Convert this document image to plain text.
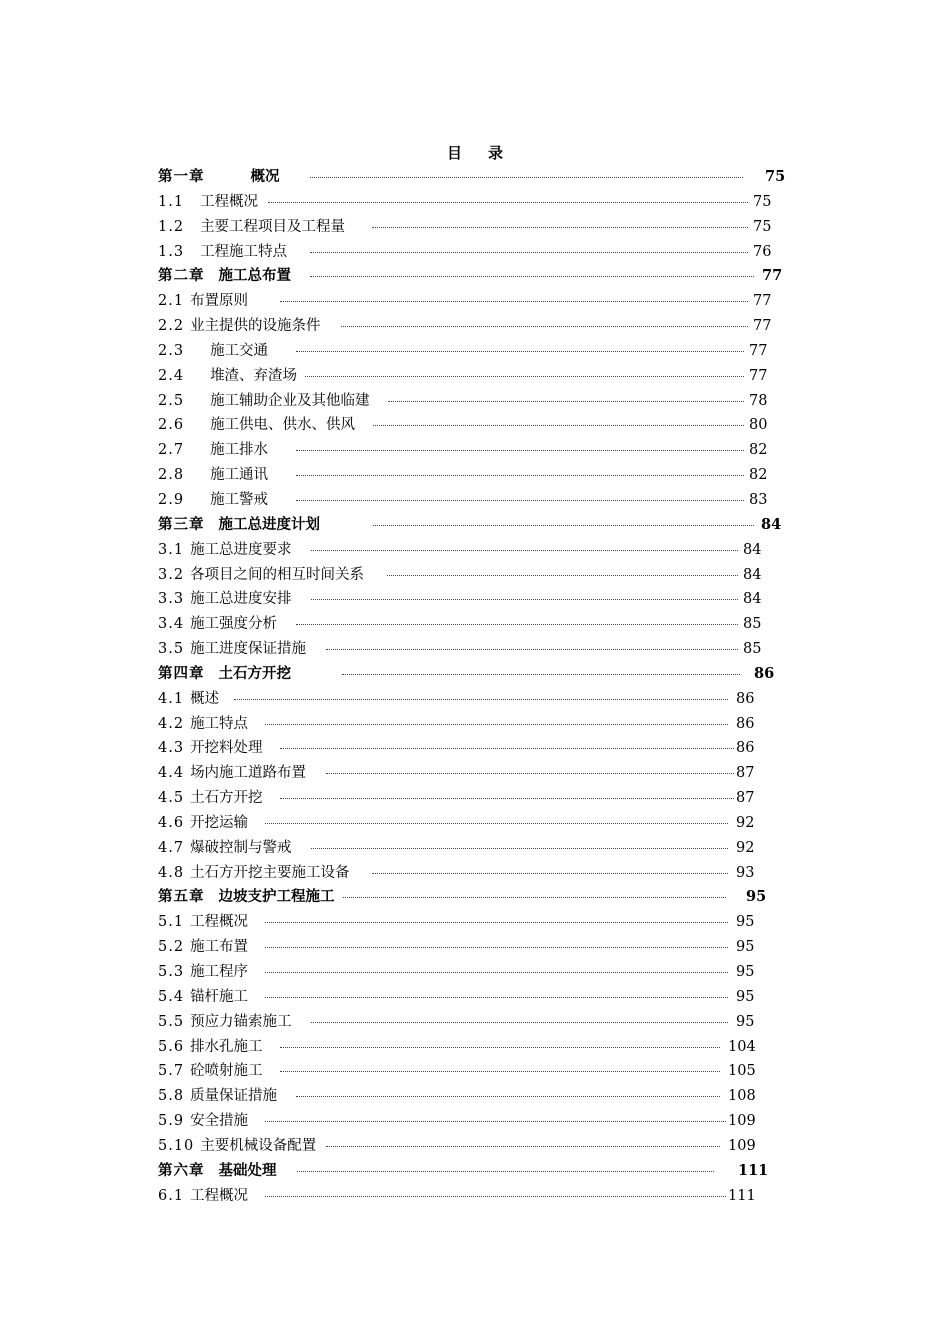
目 录
第一章	概况	75
1.1 工程概况	75
1.2 主要工程项目及工程量	75
1.3 工程施工特点	76
第二章 施工总布置	77
2.1 布置原则	77
2.2 业主提供的设施条件	77
2.3 施工交通	77
2.4 堆渣、弃渣场	77
2.5 施工辅助企业及其他临建	78
2.6 施工供电、供水、供风	80
2.7 施工排水	82
2.8 施工通讯	82
2.9 施工警戒	83
第三章 施工总进度计划	84
3.1 施工总进度要求	84
3.2 各项目之间的相互时间关系	84
3.3 施工总进度安排	84
3.4 施工强度分析	85
3.5 施工进度保证措施	85
第四章 土石方开挖	86
4.1 概述	86
4.2 施工特点	86
4.3 开挖料处理	86
4.4 场内施工道路布置	87
4.5 土石方开挖	87
4.6 开挖运输	92
4.7 爆破控制与警戒	92
4.8 土石方开挖主要施工设备	93
第五章 边坡支护工程施工	95
5.1 工程概况	95
5.2 施工布置	95
5.3 施工程序	95
5.4 锚杆施工	95
5.5 预应力锚索施工	95
5.6 排水孔施工	104
5.7 砼喷射施工	105
5.8 质量保证措施	108
5.9 安全措施	109
5.10 主要机械设备配置	109
第六章 基础处理	111
6.1 工程概况	111
